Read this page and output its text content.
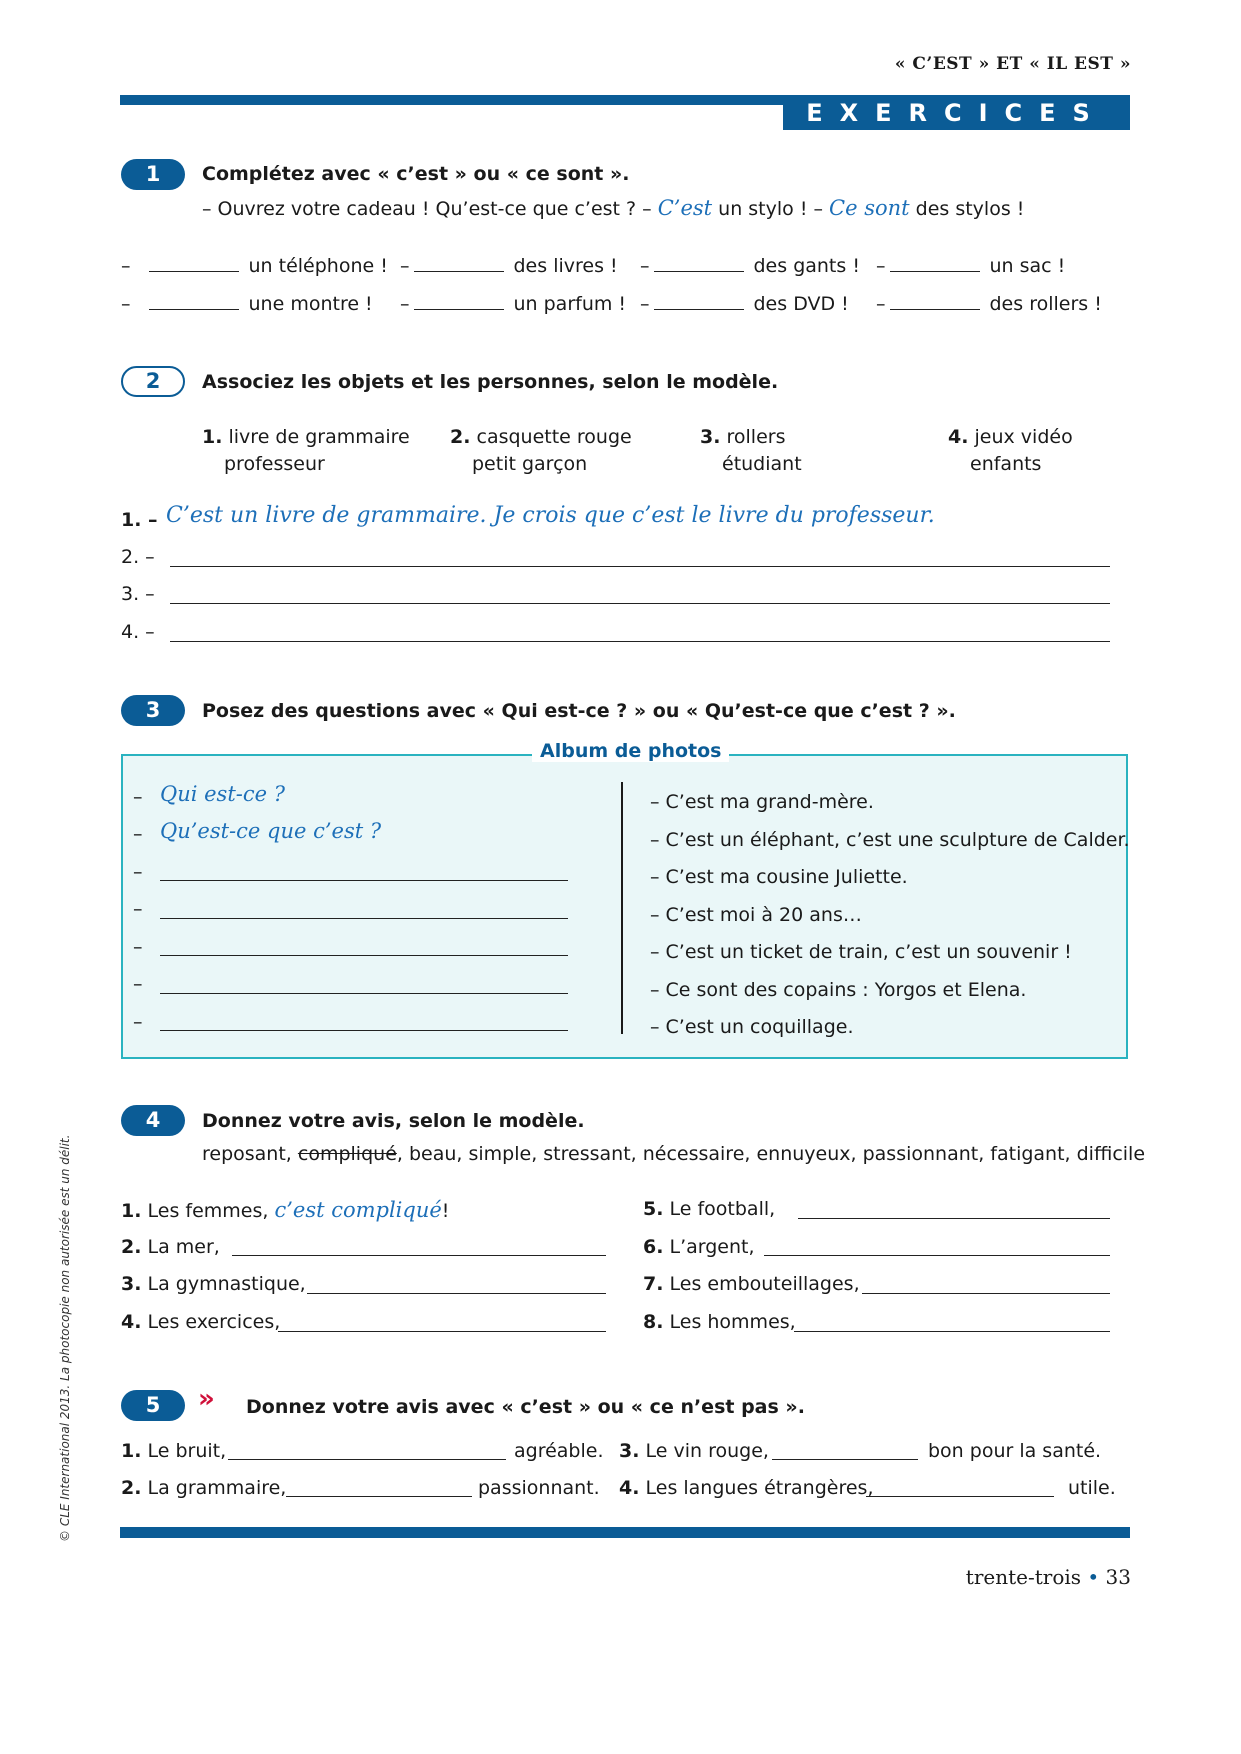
« C’EST » ET « IL EST »
EXERCICES
1	Complétez avec « c’est » ou « ce sont ».
– Ouvrez votre cadeau ! Qu’est-ce que c’est ? – C’est un stylo ! – Ce sont des stylos !
–	un téléphone ! –	des livres ! –	des gants ! –	un sac !
–	une montre ! –	un parfum ! –	des DVD ! –	des rollers !
2	Associez les objets et les personnes, selon le modèle.
1. livre de grammaire
professeur
2. casquette rouge
petit garçon
3. rollers
étudiant
4. jeux vidéo
enfants
1. – C’est un livre de grammaire. Je crois que c’est le livre du professeur.
2. –
3. –
4. –
3	Posez des questions avec « Qui est-ce ? » ou « Qu’est-ce que c’est ? ».
Album de photos
– Qui est-ce ?
– Qu’est-ce que c’est ?
–
–
–
–
–
– C’est ma grand-mère.
– C’est un éléphant, c’est une sculpture de Calder.
– C’est ma cousine Juliette.
– C’est moi à 20 ans…
– C’est un ticket de train, c’est un souvenir !
– Ce sont des copains : Yorgos et Elena.
– C’est un coquillage.
4	Donnez votre avis, selon le modèle.
reposant, compliqué, beau, simple, stressant, nécessaire, ennuyeux, passionnant, fatigant, difficile
1. Les femmes, c’est compliqué!
2. La mer,
3. La gymnastique,
4. Les exercices,
5. Le football,
6. L’argent,
7. Les embouteillages,
8. Les hommes,
5	» Donnez votre avis avec « c’est » ou « ce n’est pas ».
1. Le bruit,	agréable. 3. Le vin rouge,	bon pour la santé.
2. La grammaire,	passionnant. 4. Les langues étrangères,	utile.
trente-trois • 33
© CLE International 2013. La photocopie non autorisée est un délit.
